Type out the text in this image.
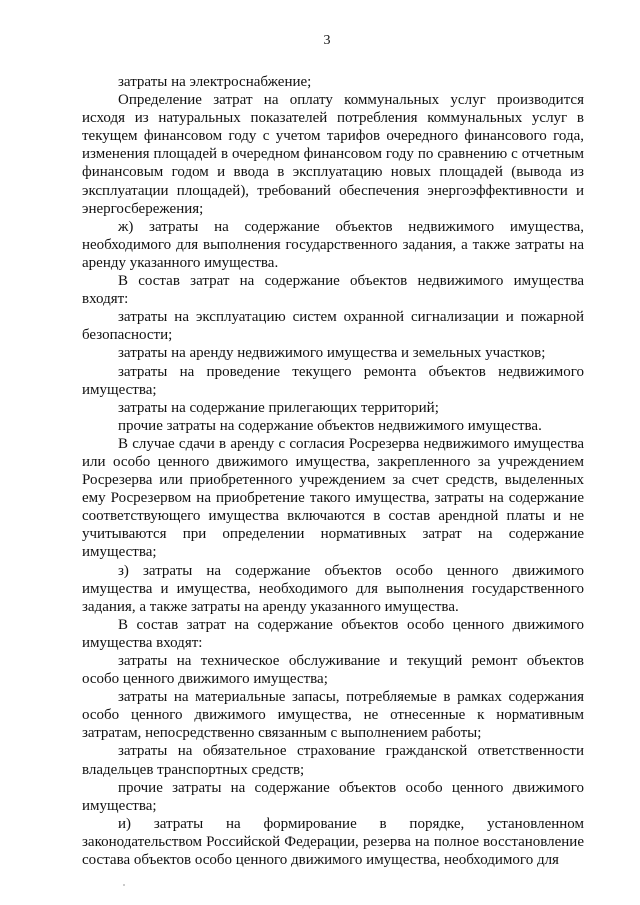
3

затраты на электроснабжение;

Определение затрат на оплату коммунальных услуг производится исходя из натуральных показателей потребления коммунальных услуг в текущем финансовом году с учетом тарифов очередного финансового года, изменения площадей в очередном финансовом году по сравнению с отчетным финансовым годом и ввода в эксплуатацию новых площадей (вывода из эксплуатации площадей), требований обеспечения энергоэффективности и энергосбережения;

ж) затраты на содержание объектов недвижимого имущества, необходимого для выполнения государственного задания, а также затраты на аренду указанного имущества.

В состав затрат на содержание объектов недвижимого имущества входят:

затраты на эксплуатацию систем охранной сигнализации и пожарной безопасности;

затраты на аренду недвижимого имущества и земельных участков;

затраты на проведение текущего ремонта объектов недвижимого имущества;

затраты на содержание прилегающих территорий;

прочие затраты на содержание объектов недвижимого имущества.

В случае сдачи в аренду с согласия Росрезерва недвижимого имущества или особо ценного движимого имущества, закрепленного за учреждением Росрезерва или приобретенного учреждением за счет средств, выделенных ему Росрезервом на приобретение такого имущества, затраты на содержание соответствующего имущества включаются в состав арендной платы и не учитываются при определении нормативных затрат на содержание имущества;

з) затраты на содержание объектов особо ценного движимого имущества и имущества, необходимого для выполнения государственного задания, а также затраты на аренду указанного имущества.

В состав затрат на содержание объектов особо ценного движимого имущества входят:

затраты на техническое обслуживание и текущий ремонт объектов особо ценного движимого имущества;

затраты на материальные запасы, потребляемые в рамках содержания особо ценного движимого имущества, не отнесенные к нормативным затратам, непосредственно связанным с выполнением работы;

затраты на обязательное страхование гражданской ответственности владельцев транспортных средств;

прочие затраты на содержание объектов особо ценного движимого имущества;

и) затраты на формирование в порядке, установленном законодательством Российской Федерации, резерва на полное восстановление состава объектов особо ценного движимого имущества, необходимого для
